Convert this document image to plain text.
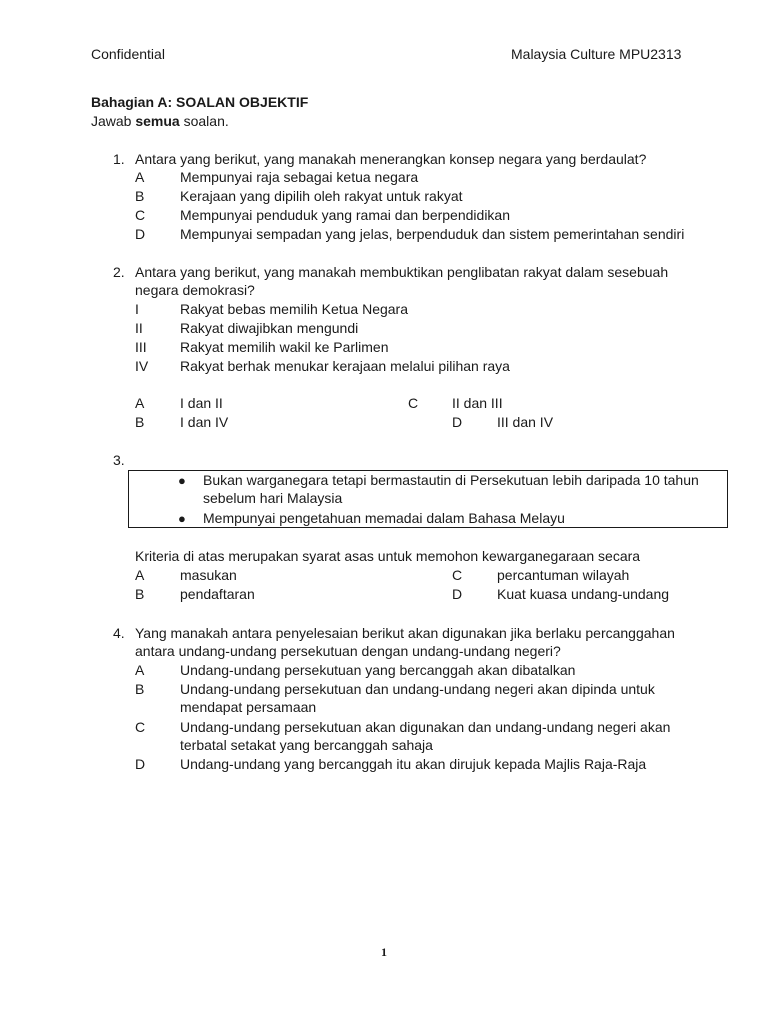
Confidential	Malaysia Culture MPU2313
Bahagian A: SOALAN OBJEKTIF
Jawab semua soalan.
1. Antara yang berikut, yang manakah menerangkan konsep negara yang berdaulat?
A	Mempunyai raja sebagai ketua negara
B	Kerajaan yang dipilih oleh rakyat untuk rakyat
C Mempunyai penduduk yang ramai dan berpendidikan
D Mempunyai sempadan yang jelas, berpenduduk dan sistem pemerintahan sendiri
2. Antara yang berikut, yang manakah membuktikan penglibatan rakyat dalam sesebuah
negara demokrasi?
I	Rakyat bebas memilih Ketua Negara
II	Rakyat diwajibkan mengundi
III Rakyat memilih wakil ke Parlimen
IV Rakyat berhak menukar kerajaan melalui pilihan raya
A	I dan II	C II dan III
B	I dan IV	D III dan IV
3.
● Bukan warganegara tetapi bermastautin di Persekutuan lebih daripada 10 tahun
sebelum hari Malaysia
● Mempunyai pengetahuan memadai dalam Bahasa Melayu
Kriteria di atas merupakan syarat asas untuk memohon kewarganegaraan secara
A	masukan	C percantuman wilayah
B	pendaftaran	D Kuat kuasa undang-undang
4. Yang manakah antara penyelesaian berikut akan digunakan jika berlaku percanggahan
antara undang-undang persekutuan dengan undang-undang negeri?
A	Undang-undang persekutuan yang bercanggah akan dibatalkan
B	Undang-undang persekutuan dan undang-undang negeri akan dipinda untuk
mendapat persamaan
C Undang-undang persekutuan akan digunakan dan undang-undang negeri akan
terbatal setakat yang bercanggah sahaja
D Undang-undang yang bercanggah itu akan dirujuk kepada Majlis Raja-Raja
1
